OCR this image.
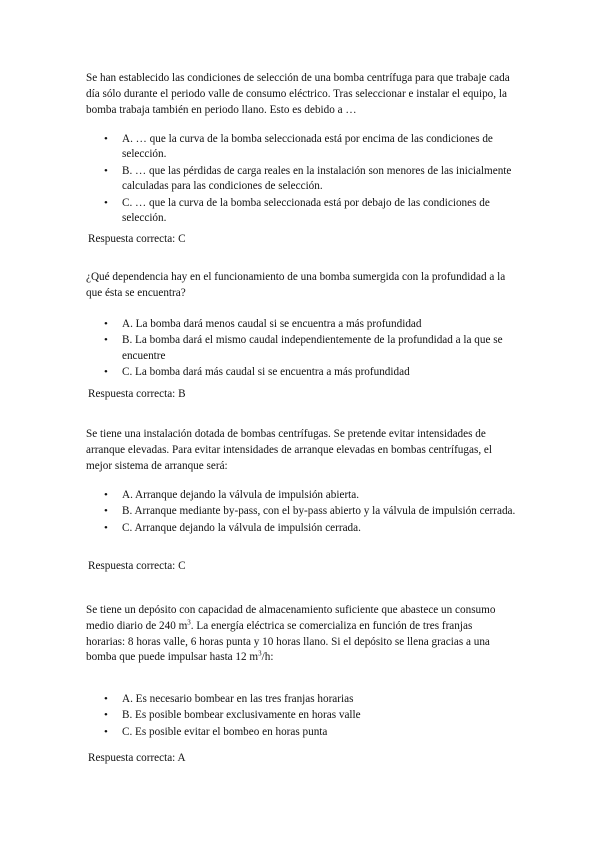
Se han establecido las condiciones de selección de una bomba centrífuga para que trabaje cada día sólo durante el periodo valle de consumo eléctrico. Tras seleccionar e instalar el equipo, la bomba trabaja también en periodo llano. Esto es debido a …

• A. … que la curva de la bomba seleccionada está por encima de las condiciones de selección.
• B. … que las pérdidas de carga reales en la instalación son menores de las inicialmente calculadas para las condiciones de selección.
• C. … que la curva de la bomba seleccionada está por debajo de las condiciones de selección.
Respuesta correcta: C

¿Qué dependencia hay en el funcionamiento de una bomba sumergida con la profundidad a la que ésta se encuentra?

• A. La bomba dará menos caudal si se encuentra a más profundidad
• B. La bomba dará el mismo caudal independientemente de la profundidad a la que se encuentre
• C. La bomba dará más caudal si se encuentra a más profundidad
Respuesta correcta: B

Se tiene una instalación dotada de bombas centrífugas. Se pretende evitar intensidades de arranque elevadas. Para evitar intensidades de arranque elevadas en bombas centrífugas, el mejor sistema de arranque será:

• A. Arranque dejando la válvula de impulsión abierta.
• B. Arranque mediante by-pass, con el by-pass abierto y la válvula de impulsión cerrada.
• C. Arranque dejando la válvula de impulsión cerrada.
Respuesta correcta: C

Se tiene un depósito con capacidad de almacenamiento suficiente que abastece un consumo medio diario de 240 $m^3$. La energía eléctrica se comercializa en función de tres franjas horarias: 8 horas valle, 6 horas punta y 10 horas llano. Si el depósito se llena gracias a una bomba que puede impulsar hasta 12 $m^3/h$:

• A. Es necesario bombear en las tres franjas horarias
• B. Es posible bombear exclusivamente en horas valle
• C. Es posible evitar el bombeo en horas punta
Respuesta correcta: A
